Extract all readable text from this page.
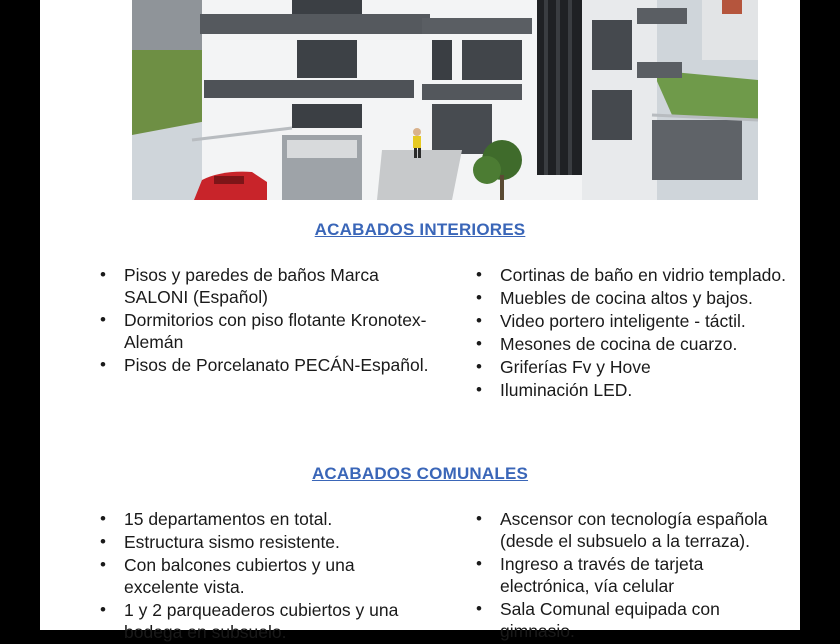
ACABADOS INTERIORES
• Pisos y paredes de baños Marca SALONI (Español)
• Dormitorios con piso flotante Kronotex-Alemán
• Pisos de Porcelanato PECÁN-Español.
• Cortinas de baño en vidrio templado.
• Muebles de cocina altos y bajos.
• Video portero inteligente - táctil.
• Mesones de cocina de cuarzo.
• Griferías Fv y Hove
• Iluminación LED.
ACABADOS COMUNALES
• 15 departamentos en total.
• Estructura sismo resistente.
• Con balcones cubiertos y una excelente vista.
• 1 y 2 parqueaderos cubiertos y una bodega en subsuelo.
• Ascensor con tecnología española (desde el subsuelo a la terraza).
• Ingreso a través de tarjeta electrónica, vía celular
• Sala Comunal equipada con gimnasio.
